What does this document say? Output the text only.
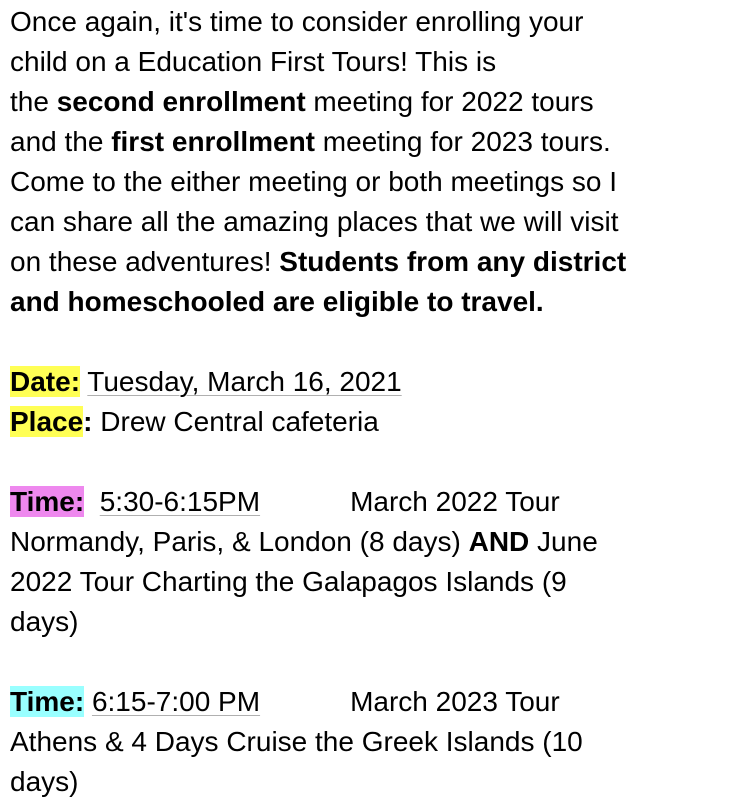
Once again, it's time to consider enrolling your
child on a Education First Tours! This is
the second enrollment meeting for 2022 tours
and the first enrollment meeting for 2023 tours.
Come to the either meeting or both meetings so I
can share all the amazing places that we will visit
on these adventures! Students from any district
and homeschooled are eligible to travel.
Date: Tuesday, March 16, 2021
Place: Drew Central cafeteria
Time: 5:30-6:15PM	March 2022 Tour
Normandy, Paris, & London (8 days) AND June
2022 Tour Charting the Galapagos Islands (9
days)
Time: 6:15-7:00 PM	March 2023 Tour
Athens & 4 Days Cruise the Greek Islands (10
days)
